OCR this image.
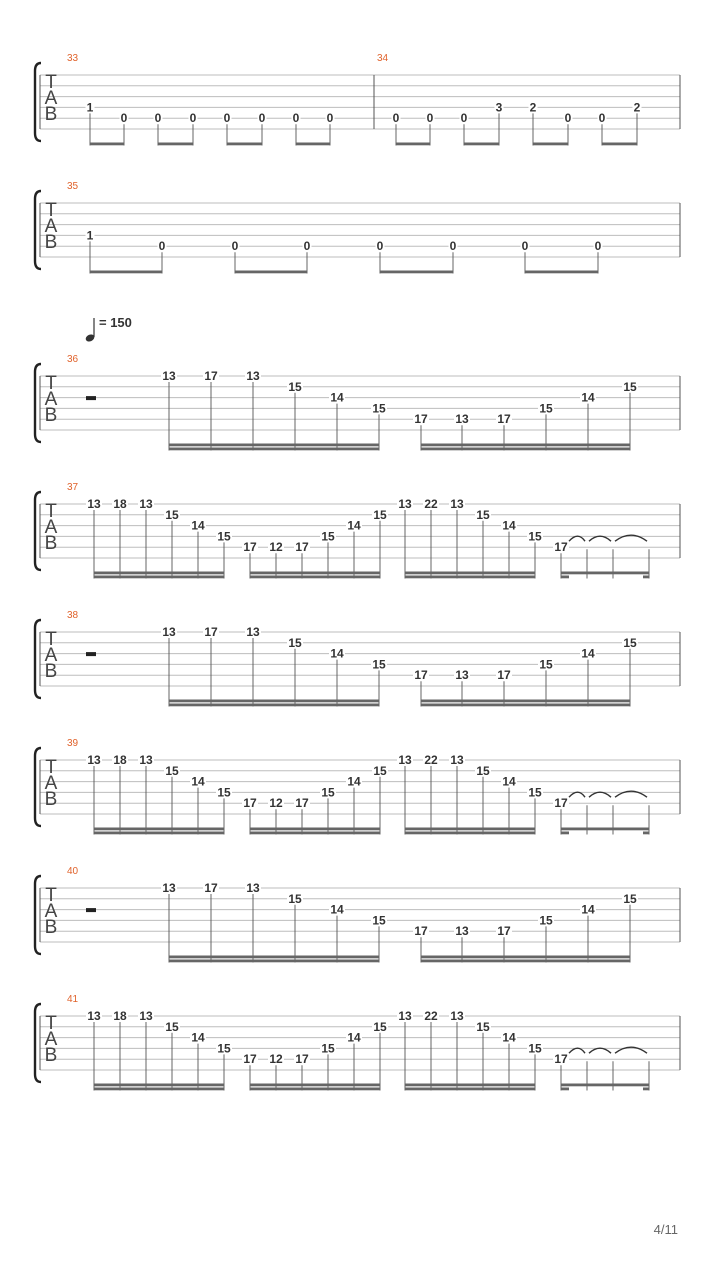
T
A
B
33
1
0 0 0 0 0 0 0
34
0 0 0
3 2
0 0
2
T
A
B
35
1
0	0	0	0	0	0	0
T
A
B
= 150
36
13 17 13
15
14
15
17 13 17
15
14
15
T
A
B
37
13 18 13
15
14
15
17 12 17
15
14
15
13 22 13
15
14
15
17
T
A
B
38
13 17 13
15
14
15
17 13 17
15
14
15
T
A
B
39
13 18 13
15
14
15
17 12 17
15
14
15
13 22 13
15
14
15
17
T
A
B
40
13 17 13
15
14
15
17 13 17
15
14
15
T
A
B
41
13 18 13
15
14
15
17 12 17
15
14
15
13 22 13
15
14
15
17
4/11
